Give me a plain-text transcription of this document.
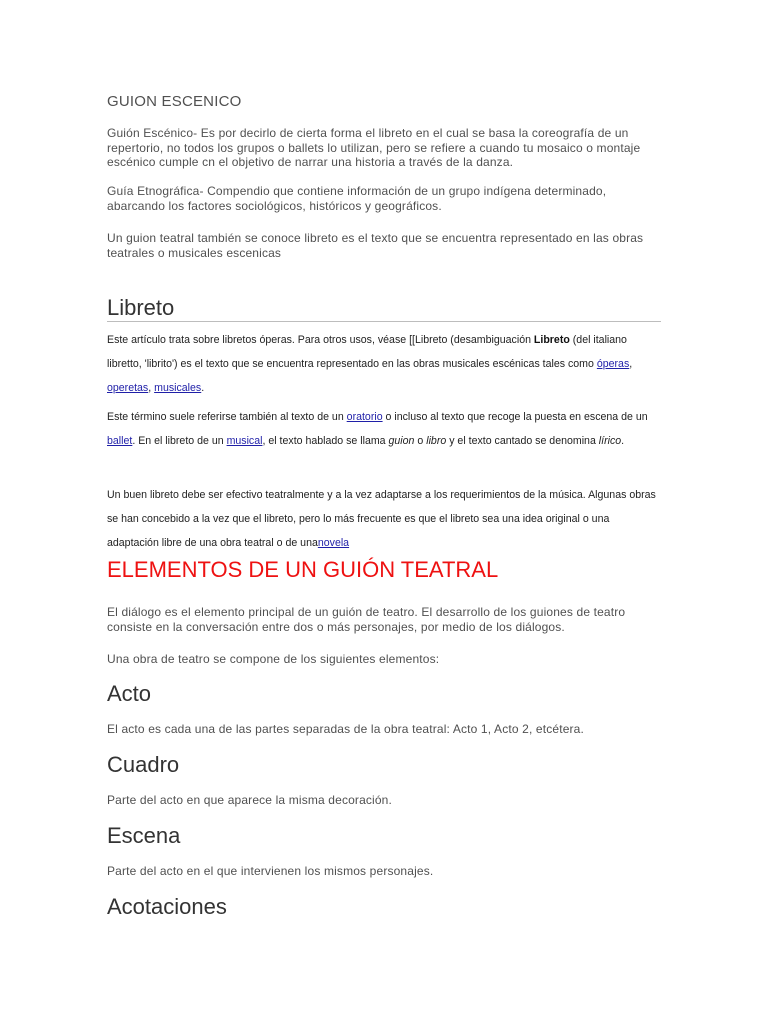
GUION ESCENICO

Guión Escénico- Es por decirlo de cierta forma el libreto en el cual se basa la coreografía de un repertorio, no todos los grupos o ballets lo utilizan, pero se refiere a cuando tu mosaico o montaje escénico cumple cn el objetivo de narrar una historia a través de la danza.

Guía Etnográfica- Compendio que contiene información de un grupo indígena determinado, abarcando los factores sociológicos, históricos y geográficos.

Un guion teatral también se conoce libreto es el texto que se encuentra representado en las obras teatrales o musicales escenicas

Libreto

Este artículo trata sobre libretos óperas. Para otros usos, véase [[Libreto (desambiguación Libreto (del italiano libretto, 'librito') es el texto que se encuentra representado en las obras musicales escénicas tales como óperas, operetas, musicales.

Este término suele referirse también al texto de un oratorio o incluso al texto que recoge la puesta en escena de un ballet. En el libreto de un musical, el texto hablado se llama guion o libro y el texto cantado se denomina lírico.

Un buen libreto debe ser efectivo teatralmente y a la vez adaptarse a los requerimientos de la música. Algunas obras se han concebido a la vez que el libreto, pero lo más frecuente es que el libreto sea una idea original o una adaptación libre de una obra teatral o de unanovela

ELEMENTOS DE UN GUIÓN TEATRAL

El diálogo es el elemento principal de un guión de teatro. El desarrollo de los guiones de teatro consiste en la conversación entre dos o más personajes, por medio de los diálogos.

Una obra de teatro se compone de los siguientes elementos:

Acto

El acto es cada una de las partes separadas de la obra teatral: Acto 1, Acto 2, etcétera.

Cuadro

Parte del acto en que aparece la misma decoración.

Escena

Parte del acto en el que intervienen los mismos personajes.

Acotaciones
